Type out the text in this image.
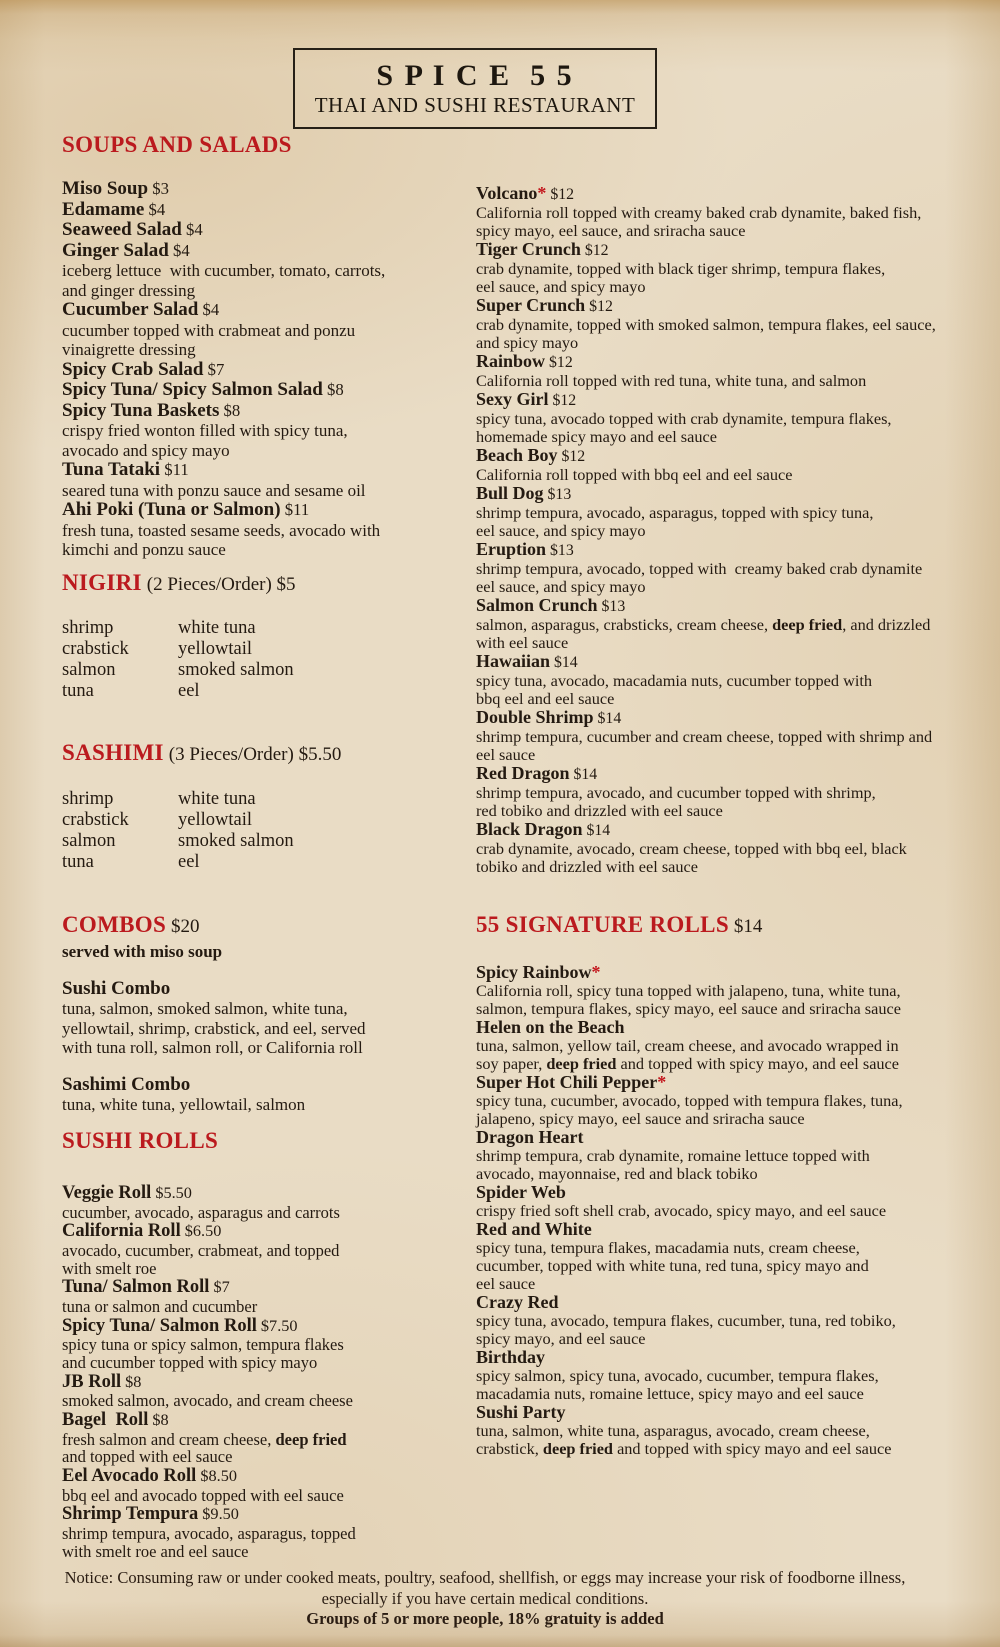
S P I C E  5 5
THAI AND SUSHI RESTAURANT
SOUPS AND SALADS
Miso Soup $3
Edamame $4
Seaweed Salad $4
Ginger Salad $4
iceberg lettuce  with cucumber, tomato, carrots,
and ginger dressing
Cucumber Salad $4
cucumber topped with crabmeat and ponzu
vinaigrette dressing
Spicy Crab Salad $7
Spicy Tuna/ Spicy Salmon Salad $8
Spicy Tuna Baskets $8
crispy fried wonton filled with spicy tuna,
avocado and spicy mayo
Tuna Tataki $11
seared tuna with ponzu sauce and sesame oil
Ahi Poki (Tuna or Salmon) $11
fresh tuna, toasted sesame seeds, avocado with
kimchi and ponzu sauce
NIGIRI (2 Pieces/Order) $5
shrimp
crabstick
salmon
tuna
white tuna
yellowtail
smoked salmon
eel
SASHIMI (3 Pieces/Order) $5.50
shrimp
crabstick
salmon
tuna
white tuna
yellowtail
smoked salmon
eel
COMBOS $20
served with miso soup
Sushi Combo
tuna, salmon, smoked salmon, white tuna,
yellowtail, shrimp, crabstick, and eel, served
with tuna roll, salmon roll, or California roll
Sashimi Combo
tuna, white tuna, yellowtail, salmon
SUSHI ROLLS
Veggie Roll $5.50
cucumber, avocado, asparagus and carrots
California Roll $6.50
avocado, cucumber, crabmeat, and topped
with smelt roe
Tuna/ Salmon Roll $7
tuna or salmon and cucumber
Spicy Tuna/ Salmon Roll $7.50
spicy tuna or spicy salmon, tempura flakes
and cucumber topped with spicy mayo
JB Roll $8
smoked salmon, avocado, and cream cheese
Bagel  Roll $8
fresh salmon and cream cheese, deep fried
and topped with eel sauce
Eel Avocado Roll $8.50
bbq eel and avocado topped with eel sauce
Shrimp Tempura $9.50
shrimp tempura, avocado, asparagus, topped
with smelt roe and eel sauce
Volcano* $12
California roll topped with creamy baked crab dynamite, baked fish,
spicy mayo, eel sauce, and sriracha sauce
Tiger Crunch $12
crab dynamite, topped with black tiger shrimp, tempura flakes,
eel sauce, and spicy mayo
Super Crunch $12
crab dynamite, topped with smoked salmon, tempura flakes, eel sauce,
and spicy mayo
Rainbow $12
California roll topped with red tuna, white tuna, and salmon
Sexy Girl $12
spicy tuna, avocado topped with crab dynamite, tempura flakes,
homemade spicy mayo and eel sauce
Beach Boy $12
California roll topped with bbq eel and eel sauce
Bull Dog $13
shrimp tempura, avocado, asparagus, topped with spicy tuna,
eel sauce, and spicy mayo
Eruption $13
shrimp tempura, avocado, topped with  creamy baked crab dynamite
eel sauce, and spicy mayo
Salmon Crunch $13
salmon, asparagus, crabsticks, cream cheese, deep fried, and drizzled
with eel sauce
Hawaiian $14
spicy tuna, avocado, macadamia nuts, cucumber topped with
bbq eel and eel sauce
Double Shrimp $14
shrimp tempura, cucumber and cream cheese, topped with shrimp and
eel sauce
Red Dragon $14
shrimp tempura, avocado, and cucumber topped with shrimp,
red tobiko and drizzled with eel sauce
Black Dragon $14
crab dynamite, avocado, cream cheese, topped with bbq eel, black
tobiko and drizzled with eel sauce
55 SIGNATURE ROLLS $14
Spicy Rainbow*
California roll, spicy tuna topped with jalapeno, tuna, white tuna,
salmon, tempura flakes, spicy mayo, eel sauce and sriracha sauce
Helen on the Beach
tuna, salmon, yellow tail, cream cheese, and avocado wrapped in
soy paper, deep fried and topped with spicy mayo, and eel sauce
Super Hot Chili Pepper*
spicy tuna, cucumber, avocado, topped with tempura flakes, tuna,
jalapeno, spicy mayo, eel sauce and sriracha sauce
Dragon Heart
shrimp tempura, crab dynamite, romaine lettuce topped with
avocado, mayonnaise, red and black tobiko
Spider Web
crispy fried soft shell crab, avocado, spicy mayo, and eel sauce
Red and White
spicy tuna, tempura flakes, macadamia nuts, cream cheese,
cucumber, topped with white tuna, red tuna, spicy mayo and
eel sauce
Crazy Red
spicy tuna, avocado, tempura flakes, cucumber, tuna, red tobiko,
spicy mayo, and eel sauce
Birthday
spicy salmon, spicy tuna, avocado, cucumber, tempura flakes,
macadamia nuts, romaine lettuce, spicy mayo and eel sauce
Sushi Party
tuna, salmon, white tuna, asparagus, avocado, cream cheese,
crabstick, deep fried and topped with spicy mayo and eel sauce
Notice: Consuming raw or under cooked meats, poultry, seafood, shellfish, or eggs may increase your risk of foodborne illness,
especially if you have certain medical conditions.
Groups of 5 or more people, 18% gratuity is added
